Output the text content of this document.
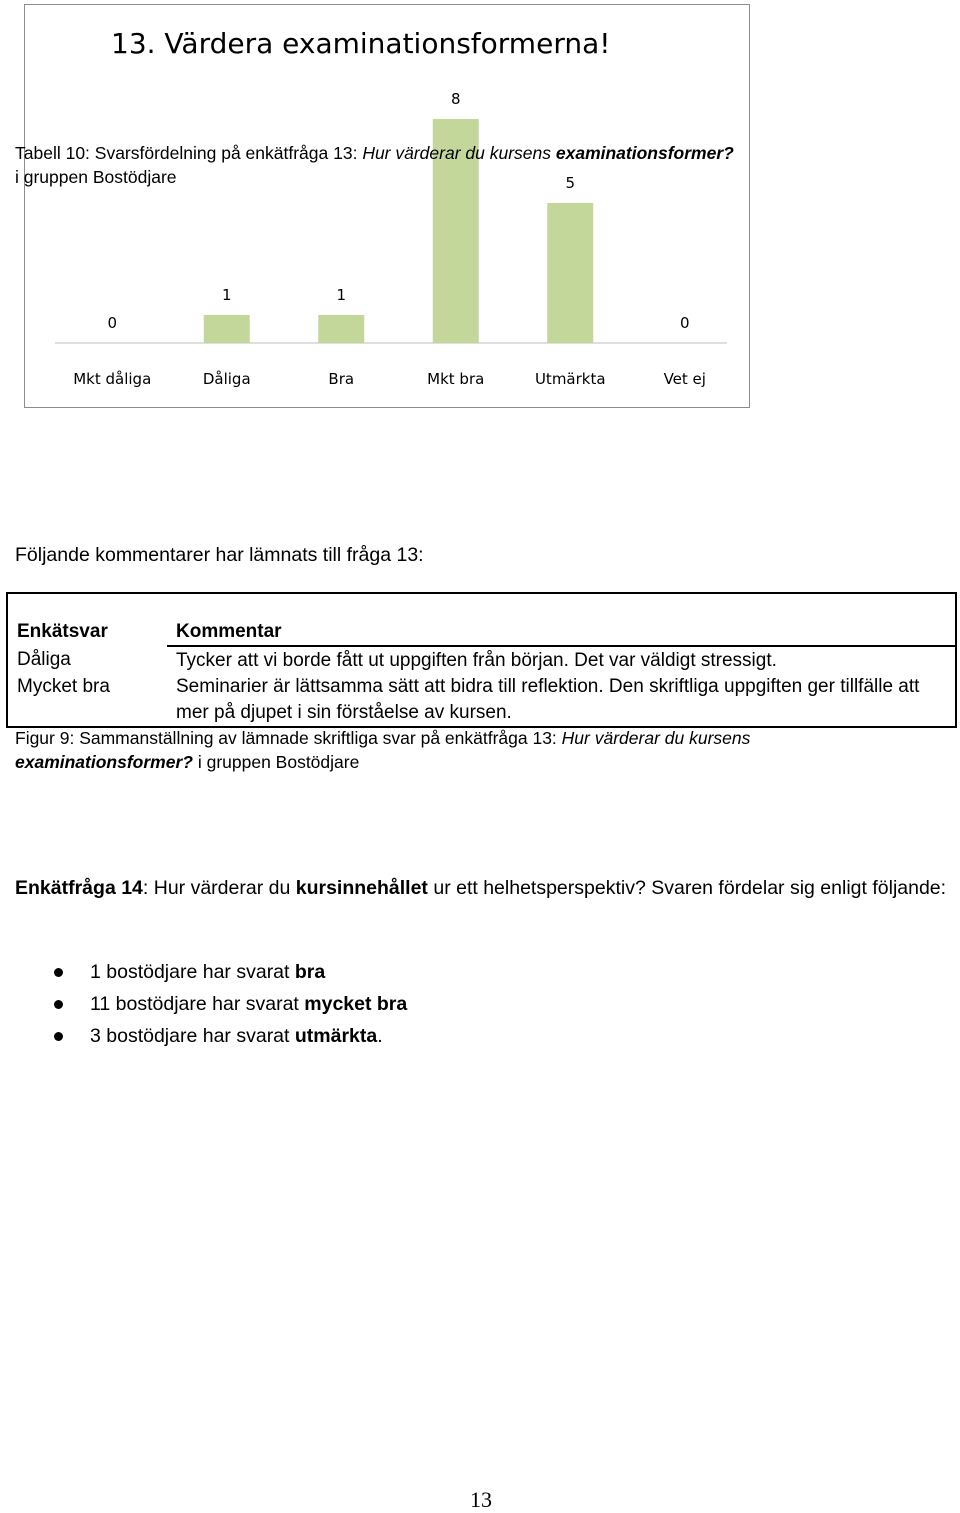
13. Värdera examinationsformerna!
0
Mkt dåliga
1
Dåliga
1
Bra
8
Mkt bra
5
Utmärkta
0
Vet ej
Tabell 10: Svarsfördelning på enkätfråga 13: Hur värderar du kursens examinationsformer?
i gruppen Bostödjare
Följande kommentarer har lämnats till fråga 13:
Enkätsvar	Kommentar
Dåliga	Tycker att vi borde fått ut uppgiften från början. Det var väldigt stressigt.
Mycket bra	Seminarier är lättsamma sätt att bidra till reflektion. Den skriftliga uppgiften ger tillfälle att mer på djupet i sin förståelse av kursen.
Figur 9: Sammanställning av lämnade skriftliga svar på enkätfråga 13: Hur värderar du kursens
examinationsformer? i gruppen Bostödjare
Enkätfråga 14: Hur värderar du kursinnehållet ur ett helhetsperspektiv? Svaren fördelar sig enligt följande:
1 bostödjare har svarat bra
11 bostödjare har svarat mycket bra
3 bostödjare har svarat utmärkta.
13
